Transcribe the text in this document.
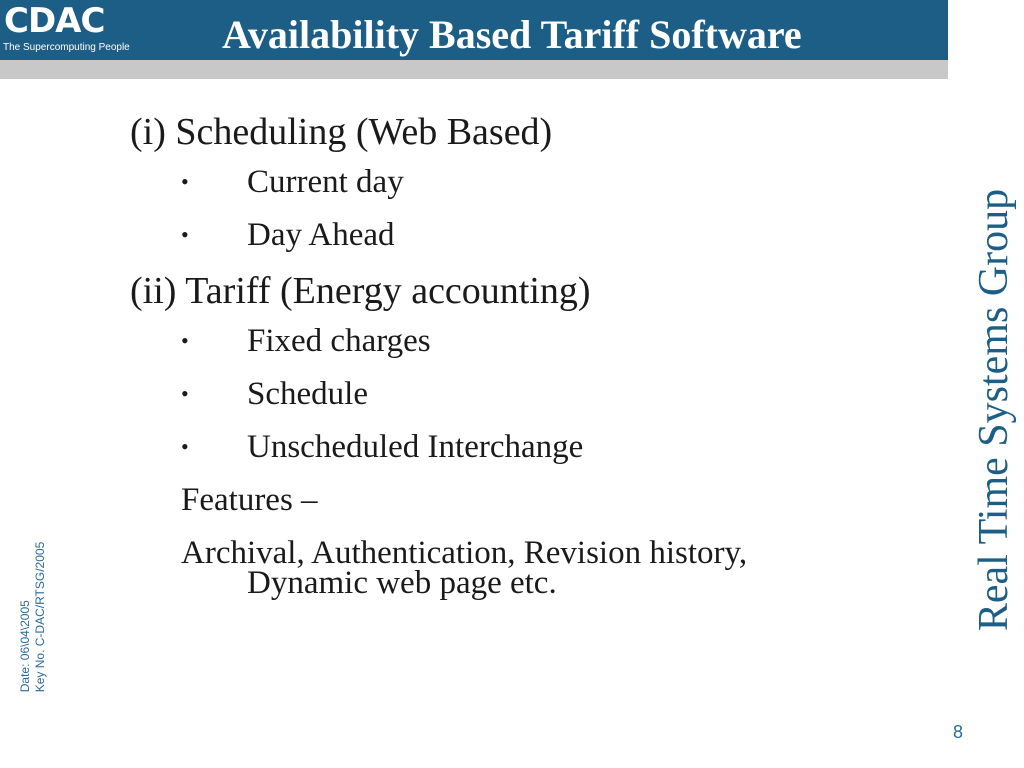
CDAC
The Supercomputing People Availability Based Tariff Software
(i) Scheduling (Web Based)
• Current day
• Day Ahead
(ii) Tariff (Energy accounting)
• Fixed charges
• Schedule
• Unscheduled Interchange
Features –
Archival, Authentication, Revision history,
Dynamic web page etc.	Real Time Systems Group
Date: 06\04\2005 Key No. C-DAC/RTSG/2005
8
